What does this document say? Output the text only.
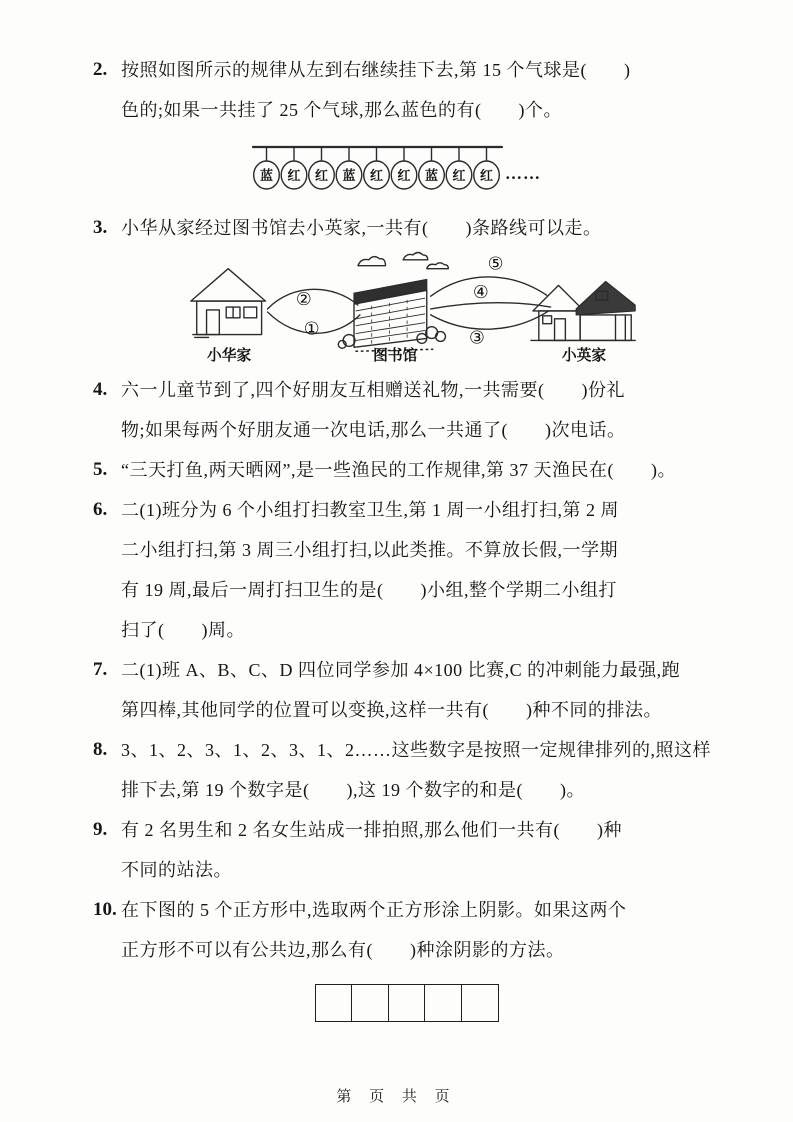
2. 按照如图所示的规律从左到右继续挂下去,第 15 个气球是(　　)
色的;如果一共挂了 25 个气球,那么蓝色的有(　　)个。
蓝 红 红 蓝 红 红 蓝 红 红 ……
3. 小华从家经过图书馆去小英家,一共有(　　)条路线可以走。
小华家
②
①
图书馆
⑤
④
③
小英家
4. 六一儿童节到了,四个好朋友互相赠送礼物,一共需要(　　)份礼
物;如果每两个好朋友通一次电话,那么一共通了(　　)次电话。
5. “三天打鱼,两天晒网”,是一些渔民的工作规律,第 37 天渔民在(　　)。
6. 二(1)班分为 6 个小组打扫教室卫生,第 1 周一小组打扫,第 2 周
二小组打扫,第 3 周三小组打扫,以此类推。不算放长假,一学期
有 19 周,最后一周打扫卫生的是(　　)小组,整个学期二小组打
扫了(　　)周。
7. 二(1)班 A、B、C、D 四位同学参加 4×100 比赛,C 的冲刺能力最强,跑
第四棒,其他同学的位置可以变换,这样一共有(　　)种不同的排法。
8. 3、1、2、3、1、2、3、1、2……这些数字是按照一定规律排列的,照这样
排下去,第 19 个数字是(　　),这 19 个数字的和是(　　)。
9. 有 2 名男生和 2 名女生站成一排拍照,那么他们一共有(　　)种
不同的站法。
10. 在下图的 5 个正方形中,选取两个正方形涂上阴影。如果这两个
正方形不可以有公共边,那么有(　　)种涂阴影的方法。
第 页 共 页
